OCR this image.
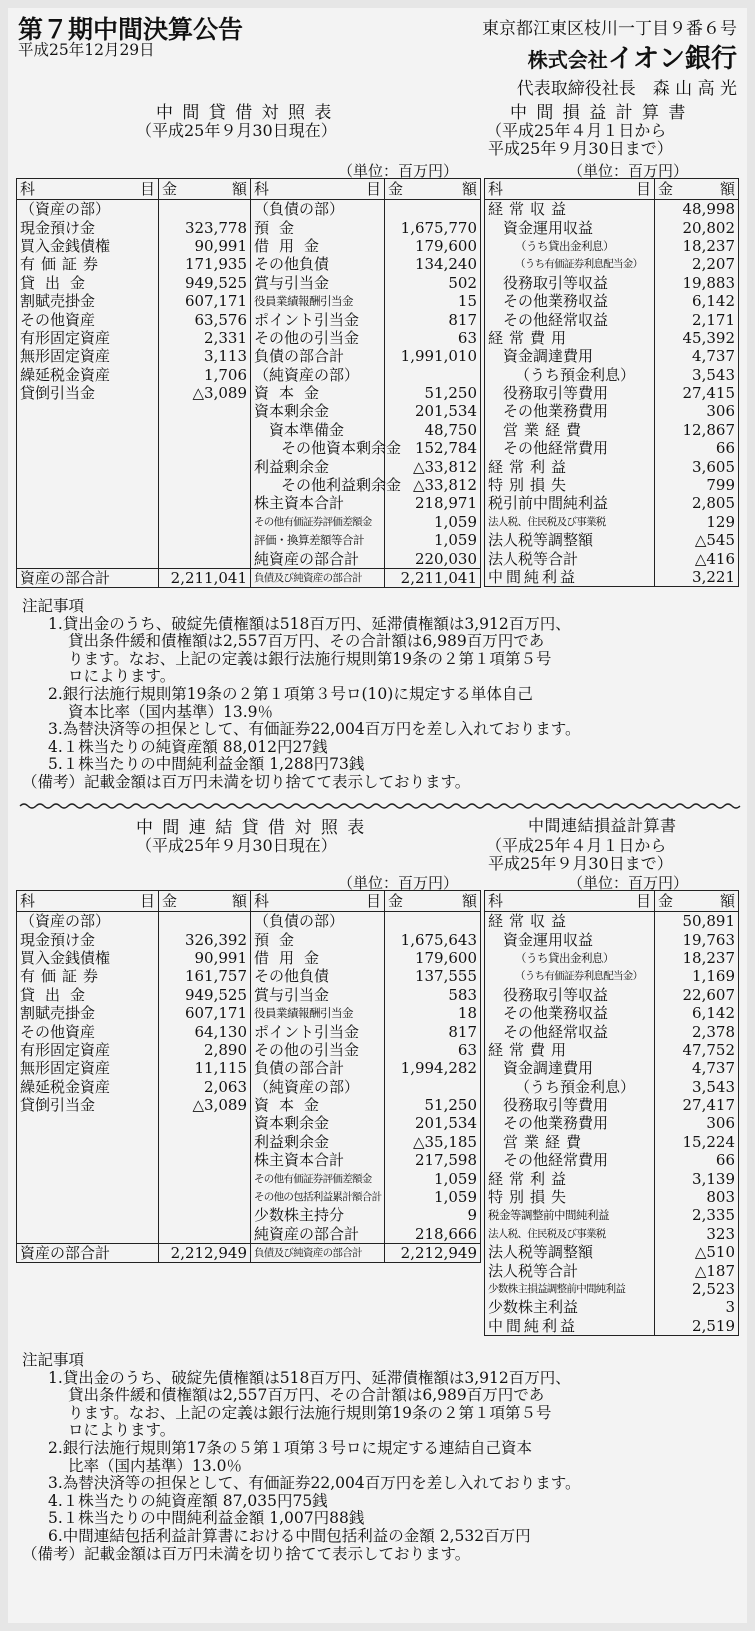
第７期中間決算公告
平成25年12月29日
東京都江東区枝川一丁目９番６号
株式会社イオン銀行
代表取締役社長　森 山 高 光
中 間 貸 借 対 照 表
（平成25年９月30日現在）
中 間 損 益 計 算 書
（平成25年４月１日から
平成25年９月30日まで）
（単位：百万円）	（単位：百万円）
科 目	金 額	科 目	金 額

（資産の部）		（負債の部）	
現金預け金	323,778	預金	1,675,770
買入金銭債権	90,991	借用金	179,600
有価証券	171,935	その他負債	134,240
貸出金	949,525	賞与引当金	502
割賦売掛金	607,171	役員業績報酬引当金	15
その他資産	63,576	ポイント引当金	817
有形固定資産	2,331	その他の引当金	63
無形固定資産	3,113	負債の部合計	1,991,010
繰延税金資産	1,706	（純資産の部）	
貸倒引当金	△3,089	資本金	51,250
		資本剰余金	201,534
		資本準備金	48,750
		その他資本剰余金	152,784
		利益剰余金	△33,812
		その他利益剰余金	△33,812
		株主資本合計	218,971
		その他有価証券評価差額金	1,059
		評価・換算差額等合計	1,059
		純資産の部合計	220,030
資産の部合計	2,211,041	負債及び純資産の部合計	2,211,041
科 目	金 額

経常収益	48,998
資金運用収益	20,802
（うち貸出金利息）	18,237
（うち有価証券利息配当金）	2,207
役務取引等収益	19,883
その他業務収益	6,142
その他経常収益	2,171
経常費用	45,392
資金調達費用	4,737
（うち預金利息）	3,543
役務取引等費用	27,415
その他業務費用	306
営業経費	12,867
その他経常費用	66
経常利益	3,605
特別損失	799
税引前中間純利益	2,805
法人税、住民税及び事業税	129
法人税等調整額	△545
法人税等合計	△416
中間純利益	3,221
注記事項
1.貸出金のうち、破綻先債権額は518百万円、延滞債権額は3,912百万円、
貸出条件緩和債権額は2,557百万円、その合計額は6,989百万円であ
ります。なお、上記の定義は銀行法施行規則第19条の２第１項第５号
ロによります。
2.銀行法施行規則第19条の２第１項第３号ロ(10)に規定する単体自己
資本比率（国内基準）13.9％
3.為替決済等の担保として、有価証券22,004百万円を差し入れております。
4.１株当たりの純資産額 88,012円27銭
5.１株当たりの中間純利益金額 1,288円73銭
（備考）記載金額は百万円未満を切り捨てて表示しております。
中 間 連 結 貸 借 対 照 表
（平成25年９月30日現在）
中間連結損益計算書
（平成25年４月１日から
平成25年９月30日まで）
（単位：百万円）	（単位：百万円）
科 目	金 額	科 目	金 額

（資産の部）		（負債の部）	
現金預け金	326,392	預金	1,675,643
買入金銭債権	90,991	借用金	179,600
有価証券	161,757	その他負債	137,555
貸出金	949,525	賞与引当金	583
割賦売掛金	607,171	役員業績報酬引当金	18
その他資産	64,130	ポイント引当金	817
有形固定資産	2,890	その他の引当金	63
無形固定資産	11,115	負債の部合計	1,994,282
繰延税金資産	2,063	（純資産の部）	
貸倒引当金	△3,089	資本金	51,250
		資本剰余金	201,534
		利益剰余金	△35,185
		株主資本合計	217,598
		その他有価証券評価差額金	1,059
		その他の包括利益累計額合計	1,059
		少数株主持分	9
		純資産の部合計	218,666
資産の部合計	2,212,949	負債及び純資産の部合計	2,212,949
科 目	金 額

経常収益	50,891
資金運用収益	19,763
（うち貸出金利息）	18,237
（うち有価証券利息配当金）	1,169
役務取引等収益	22,607
その他業務収益	6,142
その他経常収益	2,378
経常費用	47,752
資金調達費用	4,737
（うち預金利息）	3,543
役務取引等費用	27,417
その他業務費用	306
営業経費	15,224
その他経常費用	66
経常利益	3,139
特別損失	803
税金等調整前中間純利益	2,335
法人税、住民税及び事業税	323
法人税等調整額	△510
法人税等合計	△187
少数株主損益調整前中間純利益	2,523
少数株主利益	3
中間純利益	2,519
注記事項
1.貸出金のうち、破綻先債権額は518百万円、延滞債権額は3,912百万円、
貸出条件緩和債権額は2,557百万円、その合計額は6,989百万円であ
ります。なお、上記の定義は銀行法施行規則第19条の２第１項第５号
ロによります。
2.銀行法施行規則第17条の５第１項第３号ロに規定する連結自己資本
比率（国内基準）13.0％
3.為替決済等の担保として、有価証券22,004百万円を差し入れております。
4.１株当たりの純資産額 87,035円75銭
5.１株当たりの中間純利益金額 1,007円88銭
6.中間連結包括利益計算書における中間包括利益の金額 2,532百万円
（備考）記載金額は百万円未満を切り捨てて表示しております。
